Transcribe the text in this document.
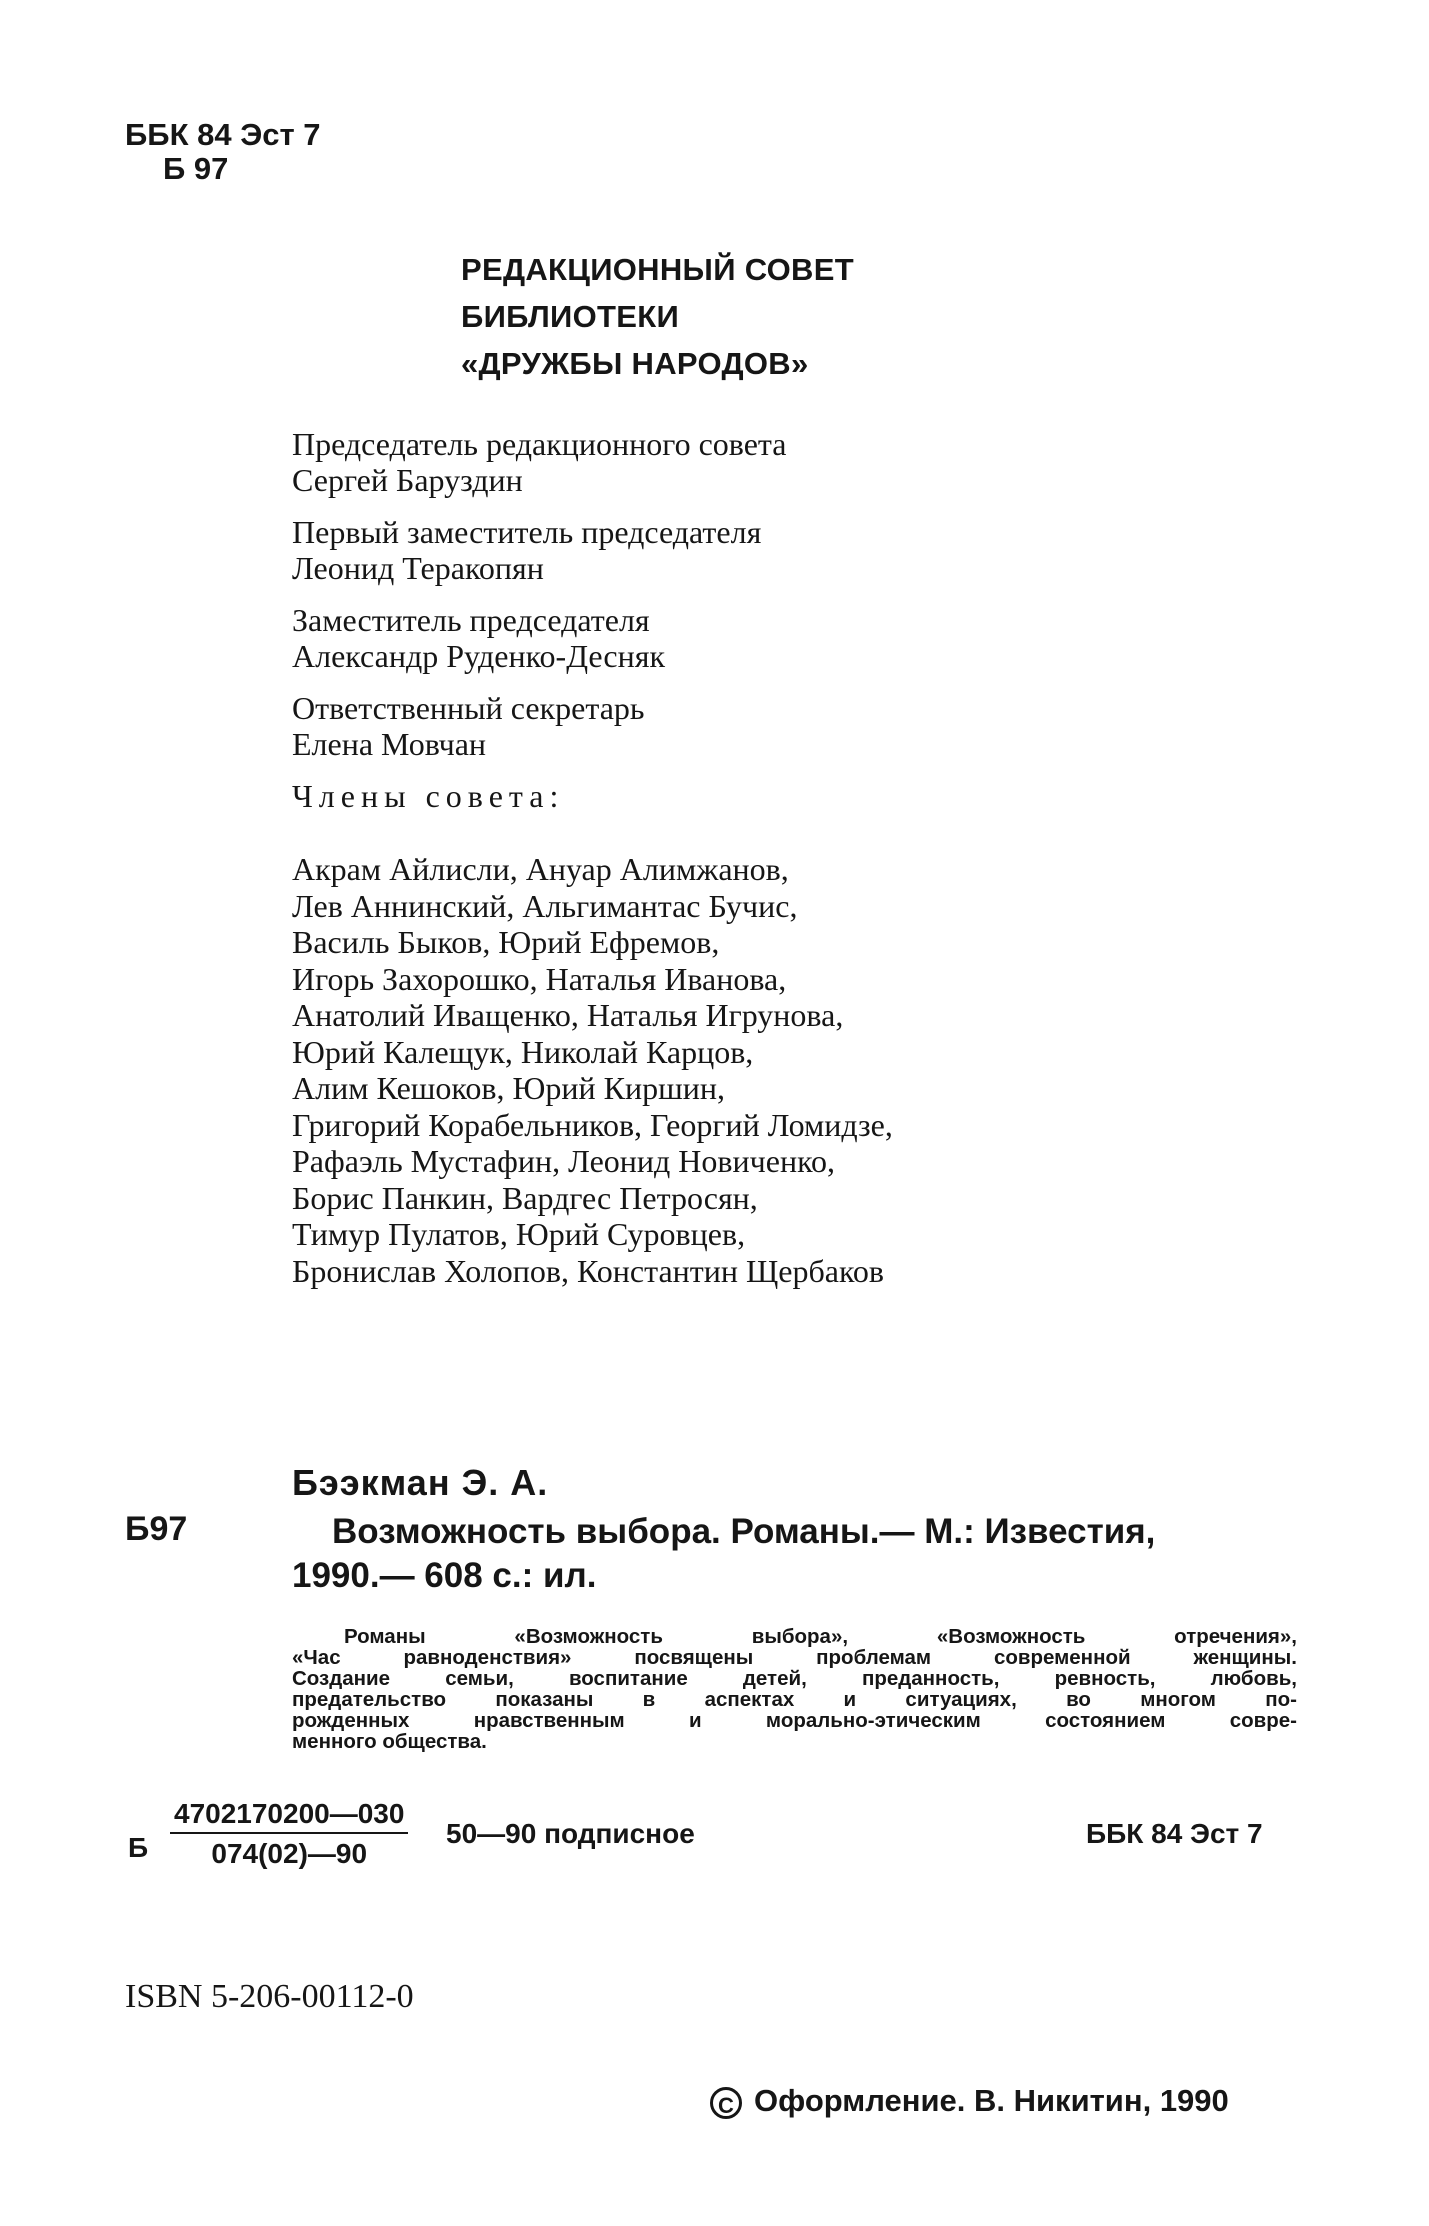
ББК 84 Эст 7
Б 97
РЕДАКЦИОННЫЙ СОВЕТ
БИБЛИОТЕКИ
«ДРУЖБЫ НАРОДОВ»
Председатель редакционного совета
Сергей Баруздин
Первый заместитель председателя
Леонид Теракопян
Заместитель председателя
Александр Руденко-Десняк
Ответственный секретарь
Елена Мовчан
Члены совета:
Акрам Айлисли, Ануар Алимжанов,
Лев Аннинский, Альгимантас Бучис,
Василь Быков, Юрий Ефремов,
Игорь Захорошко, Наталья Иванова,
Анатолий Иващенко, Наталья Игрунова,
Юрий Калещук, Николай Карцов,
Алим Кешоков, Юрий Киршин,
Григорий Корабельников, Георгий Ломидзе,
Рафаэль Мустафин, Леонид Новиченко,
Борис Панкин, Вардгес Петросян,
Тимур Пулатов, Юрий Суровцев,
Бронислав Холопов, Константин Щербаков
Бээкман Э. А.
Б97	Возможность выбора. Романы.— М.: Известия,
1990.— 608 с.: ил.
Романы «Возможность выбора», «Возможность отречения»,
«Час равноденствия» посвящены проблемам современной женщины.
Создание семьи, воспитание детей, преданность, ревность, любовь,
предательство показаны в аспектах и ситуациях, во многом по-
рожденных нравственным и морально-этическим состоянием совре-
менного общества.
Б $\frac{4702170200—030}{074(02)—90}$ 50—90 подписное	ББК 84 Эст 7
ISBN 5-206-00112-0
C Оформление. В. Никитин, 1990
